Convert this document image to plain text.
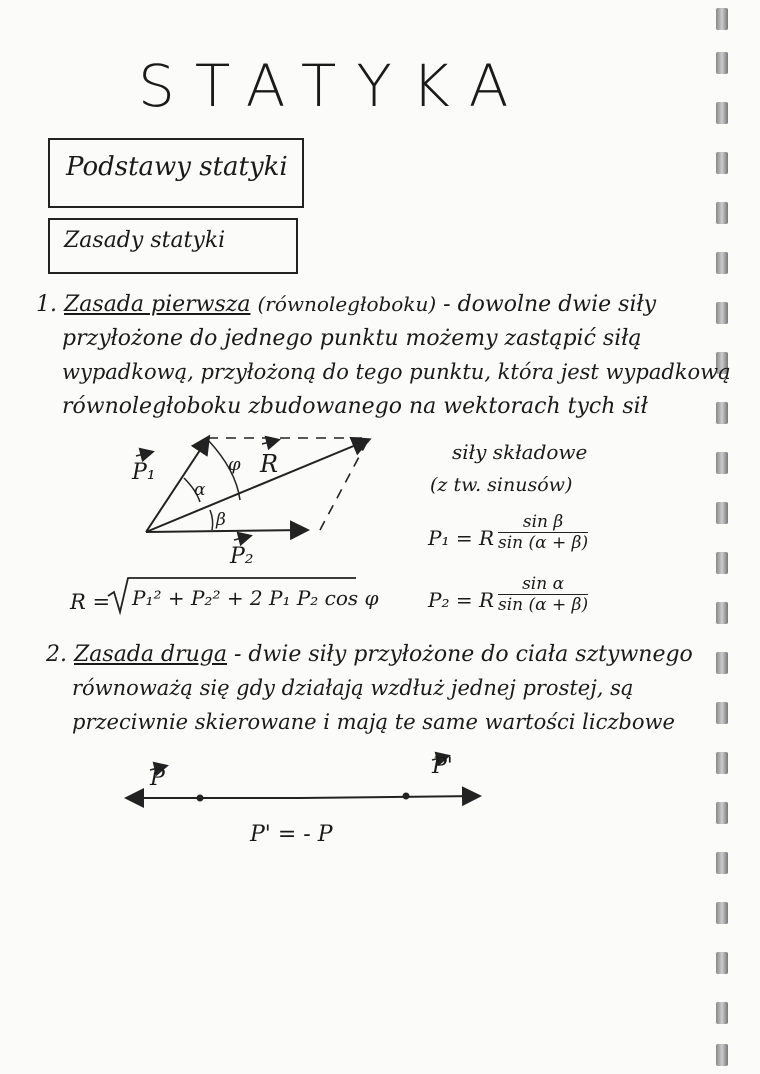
STATYKA
Podstawy statyki
Zasady statyki
1. Zasada pierwsza (równoległoboku) - dowolne dwie siły
przyłożone do jednego punktu możemy zastąpić siłą
wypadkową, przyłożoną do tego punktu, która jest wypadkową
równoległoboku zbudowanego na wektorach tych sił
P₁
P₂
R
φ
α
β
siły składowe
(z tw. sinusów)
P₁ = R $\frac{\text{sin β}}{\sin (\alpha + \beta)}$
P₂ = R $\frac{\text{sin α}}{\sin (\alpha + \beta)}$
R = P₁² + P₂² + 2 P₁ P₂ cos φ
2. Zasada druga - dwie siły przyłożone do ciała sztywnego
równoważą się gdy działają wzdłuż jednej prostej, są
przeciwnie skierowane i mają te same wartości liczbowe
P	P'
P' = - P
